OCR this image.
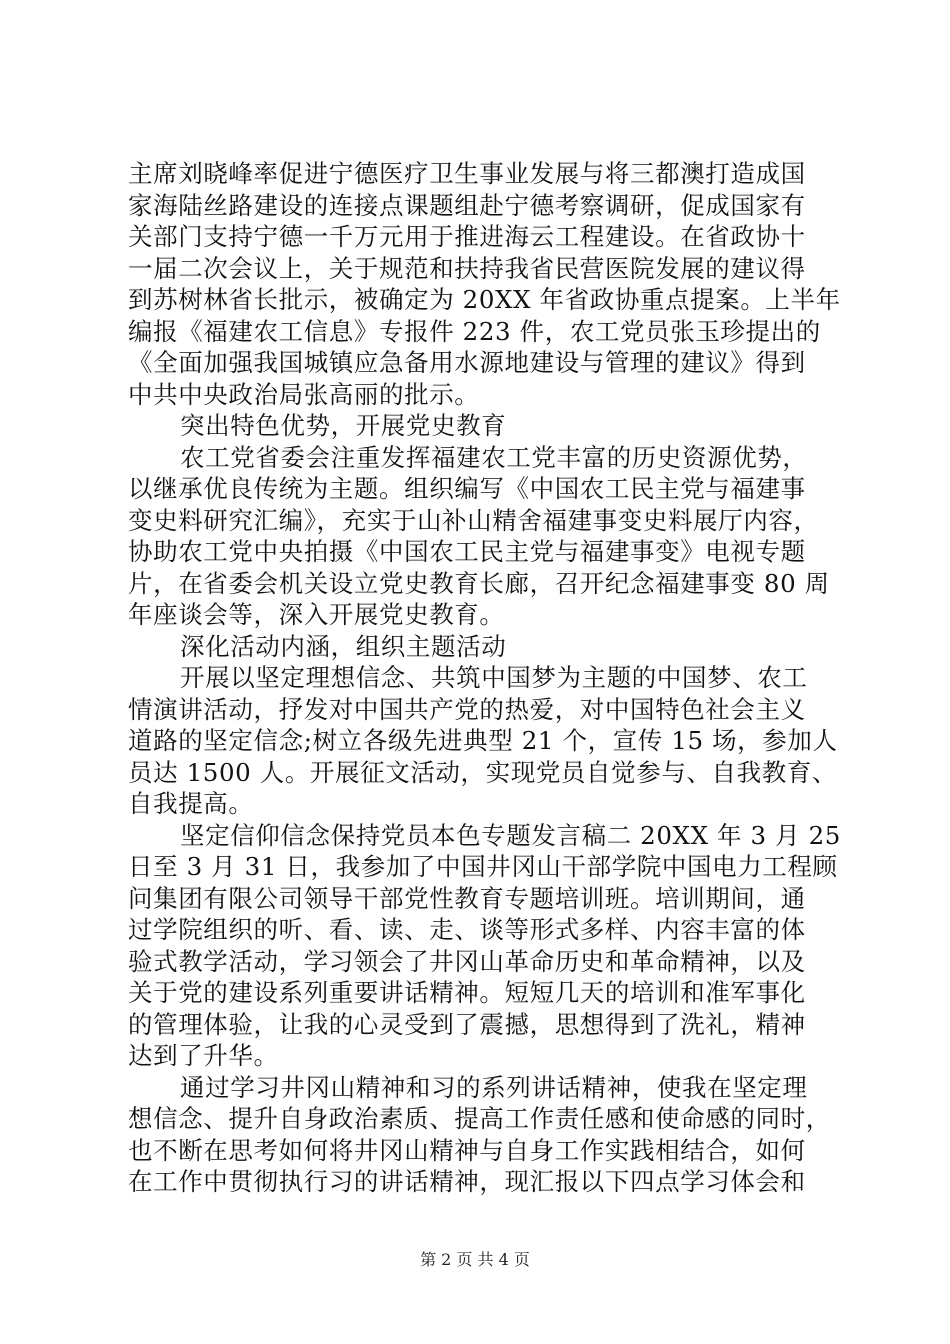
主席刘晓峰率促进宁德医疗卫生事业发展与将三都澳打造成国
家海陆丝路建设的连接点课题组赴宁德考察调研，促成国家有
关部门支持宁德一千万元用于推进海云工程建设。在省政协十
一届二次会议上，关于规范和扶持我省民营医院发展的建议得
到苏树林省长批示，被确定为 20XX 年省政协重点提案。上半年
编报《福建农工信息》专报件 223 件，农工党员张玉珍提出的
《全面加强我国城镇应急备用水源地建设与管理的建议》得到
中共中央政治局张高丽的批示。
突出特色优势，开展党史教育
农工党省委会注重发挥福建农工党丰富的历史资源优势，
以继承优良传统为主题。组织编写《中国农工民主党与福建事
变史料研究汇编》，充实于山补山精舍福建事变史料展厅内容，
协助农工党中央拍摄《中国农工民主党与福建事变》电视专题
片，在省委会机关设立党史教育长廊，召开纪念福建事变 80 周
年座谈会等，深入开展党史教育。
深化活动内涵，组织主题活动
开展以坚定理想信念、共筑中国梦为主题的中国梦、农工
情演讲活动，抒发对中国共产党的热爱，对中国特色社会主义
道路的坚定信念;树立各级先进典型 21 个，宣传 15 场，参加人
员达 1500 人。开展征文活动，实现党员自觉参与、自我教育、
自我提高。
坚定信仰信念保持党员本色专题发言稿二 20XX 年 3 月 25
日至 3 月 31 日，我参加了中国井冈山干部学院中国电力工程顾
问集团有限公司领导干部党性教育专题培训班。培训期间，通
过学院组织的听、看、读、走、谈等形式多样、内容丰富的体
验式教学活动，学习领会了井冈山革命历史和革命精神，以及
关于党的建设系列重要讲话精神。短短几天的培训和准军事化
的管理体验，让我的心灵受到了震撼，思想得到了洗礼，精神
达到了升华。
通过学习井冈山精神和习的系列讲话精神，使我在坚定理
想信念、提升自身政治素质、提高工作责任感和使命感的同时，
也不断在思考如何将井冈山精神与自身工作实践相结合，如何
在工作中贯彻执行习的讲话精神，现汇报以下四点学习体会和
第 2 页 共 4 页
